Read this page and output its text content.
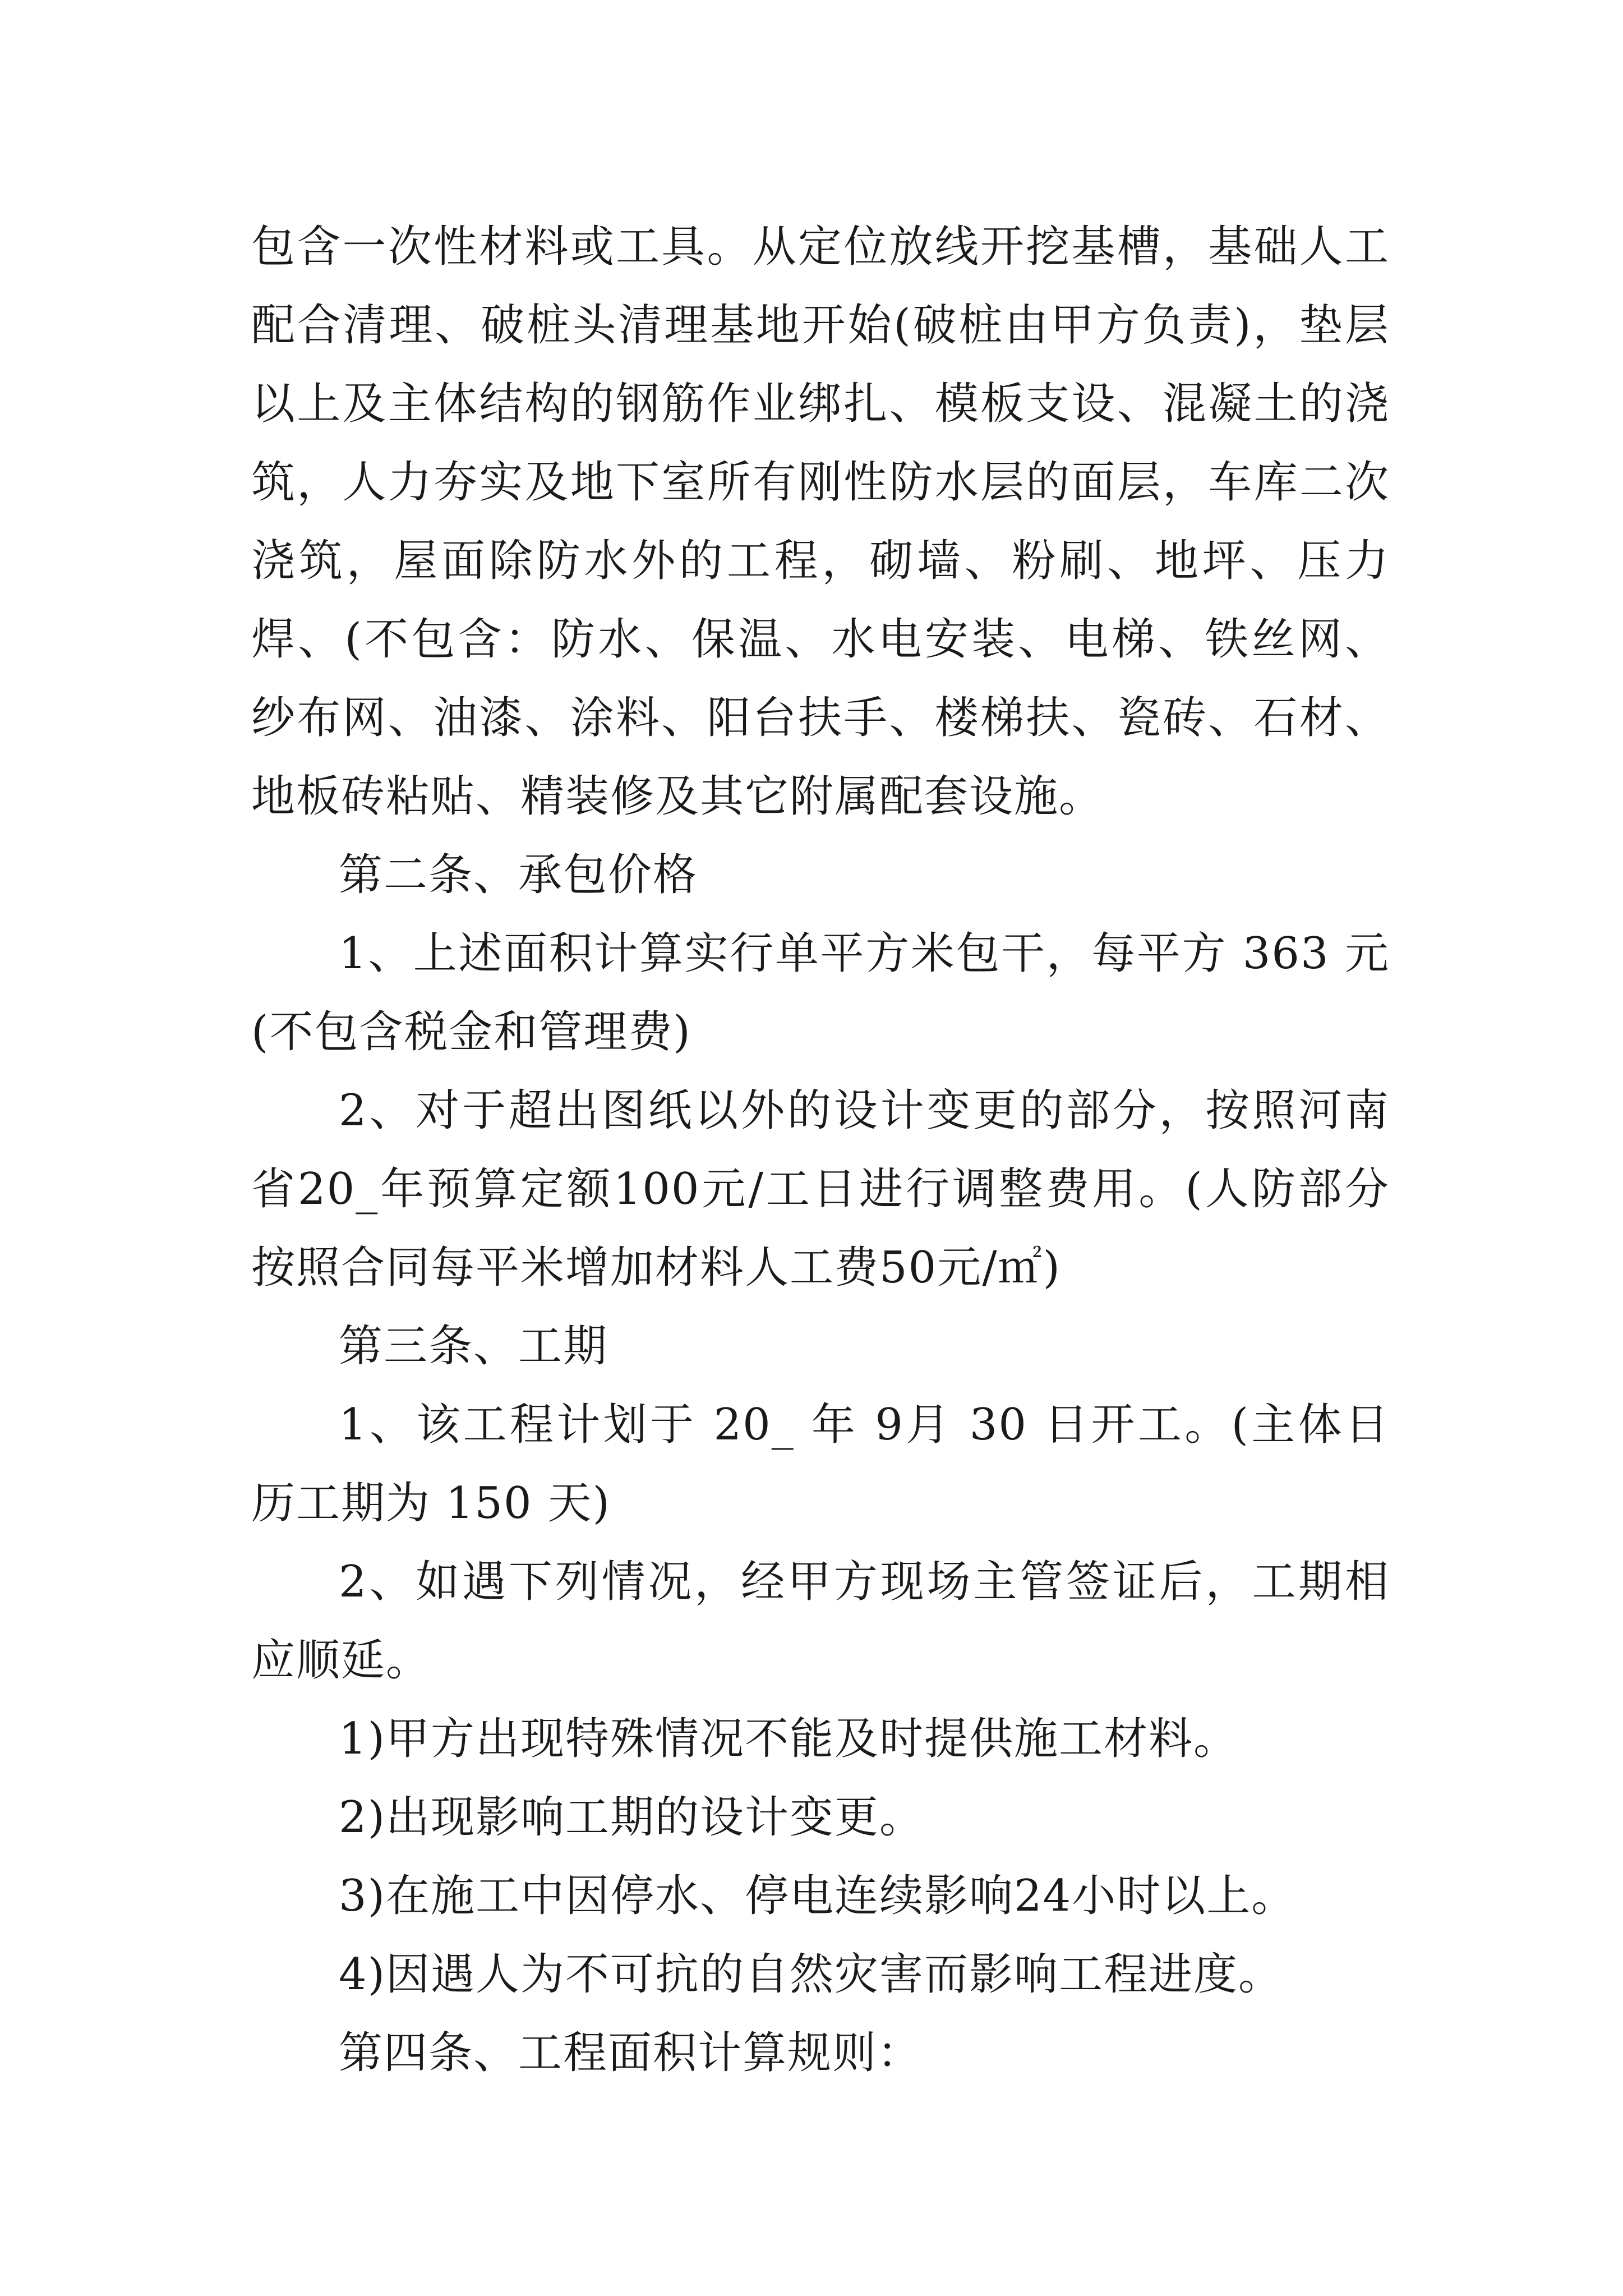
包含一次性材料或工具。从定位放线开挖基槽，基础人工配合清理、破桩头清理基地开始(破桩由甲方负责)，垫层以上及主体结构的钢筋作业绑扎、模板支设、混凝土的浇筑，人力夯实及地下室所有刚性防水层的面层，车库二次浇筑，屋面除防水外的工程，砌墙、粉刷、地坪、压力焊、(不包含：防水、保温、水电安装、电梯、铁丝网、纱布网、油漆、涂料、阳台扶手、楼梯扶、瓷砖、石材、地板砖粘贴、精装修及其它附属配套设施。

第二条、承包价格

1、上述面积计算实行单平方米包干，每平方 363 元(不包含税金和管理费)

2、对于超出图纸以外的设计变更的部分，按照河南省20_年预算定额100元/工日进行调整费用。(人防部分按照合同每平米增加材料人工费50元/㎡)

第三条、工期

1、该工程计划于 20_ 年 9月 30 日开工。(主体日历工期为 150 天)

2、如遇下列情况，经甲方现场主管签证后，工期相应顺延。

1)甲方出现特殊情况不能及时提供施工材料。

2)出现影响工期的设计变更。

3)在施工中因停水、停电连续影响24小时以上。

4)因遇人为不可抗的自然灾害而影响工程进度。

第四条、工程面积计算规则：
